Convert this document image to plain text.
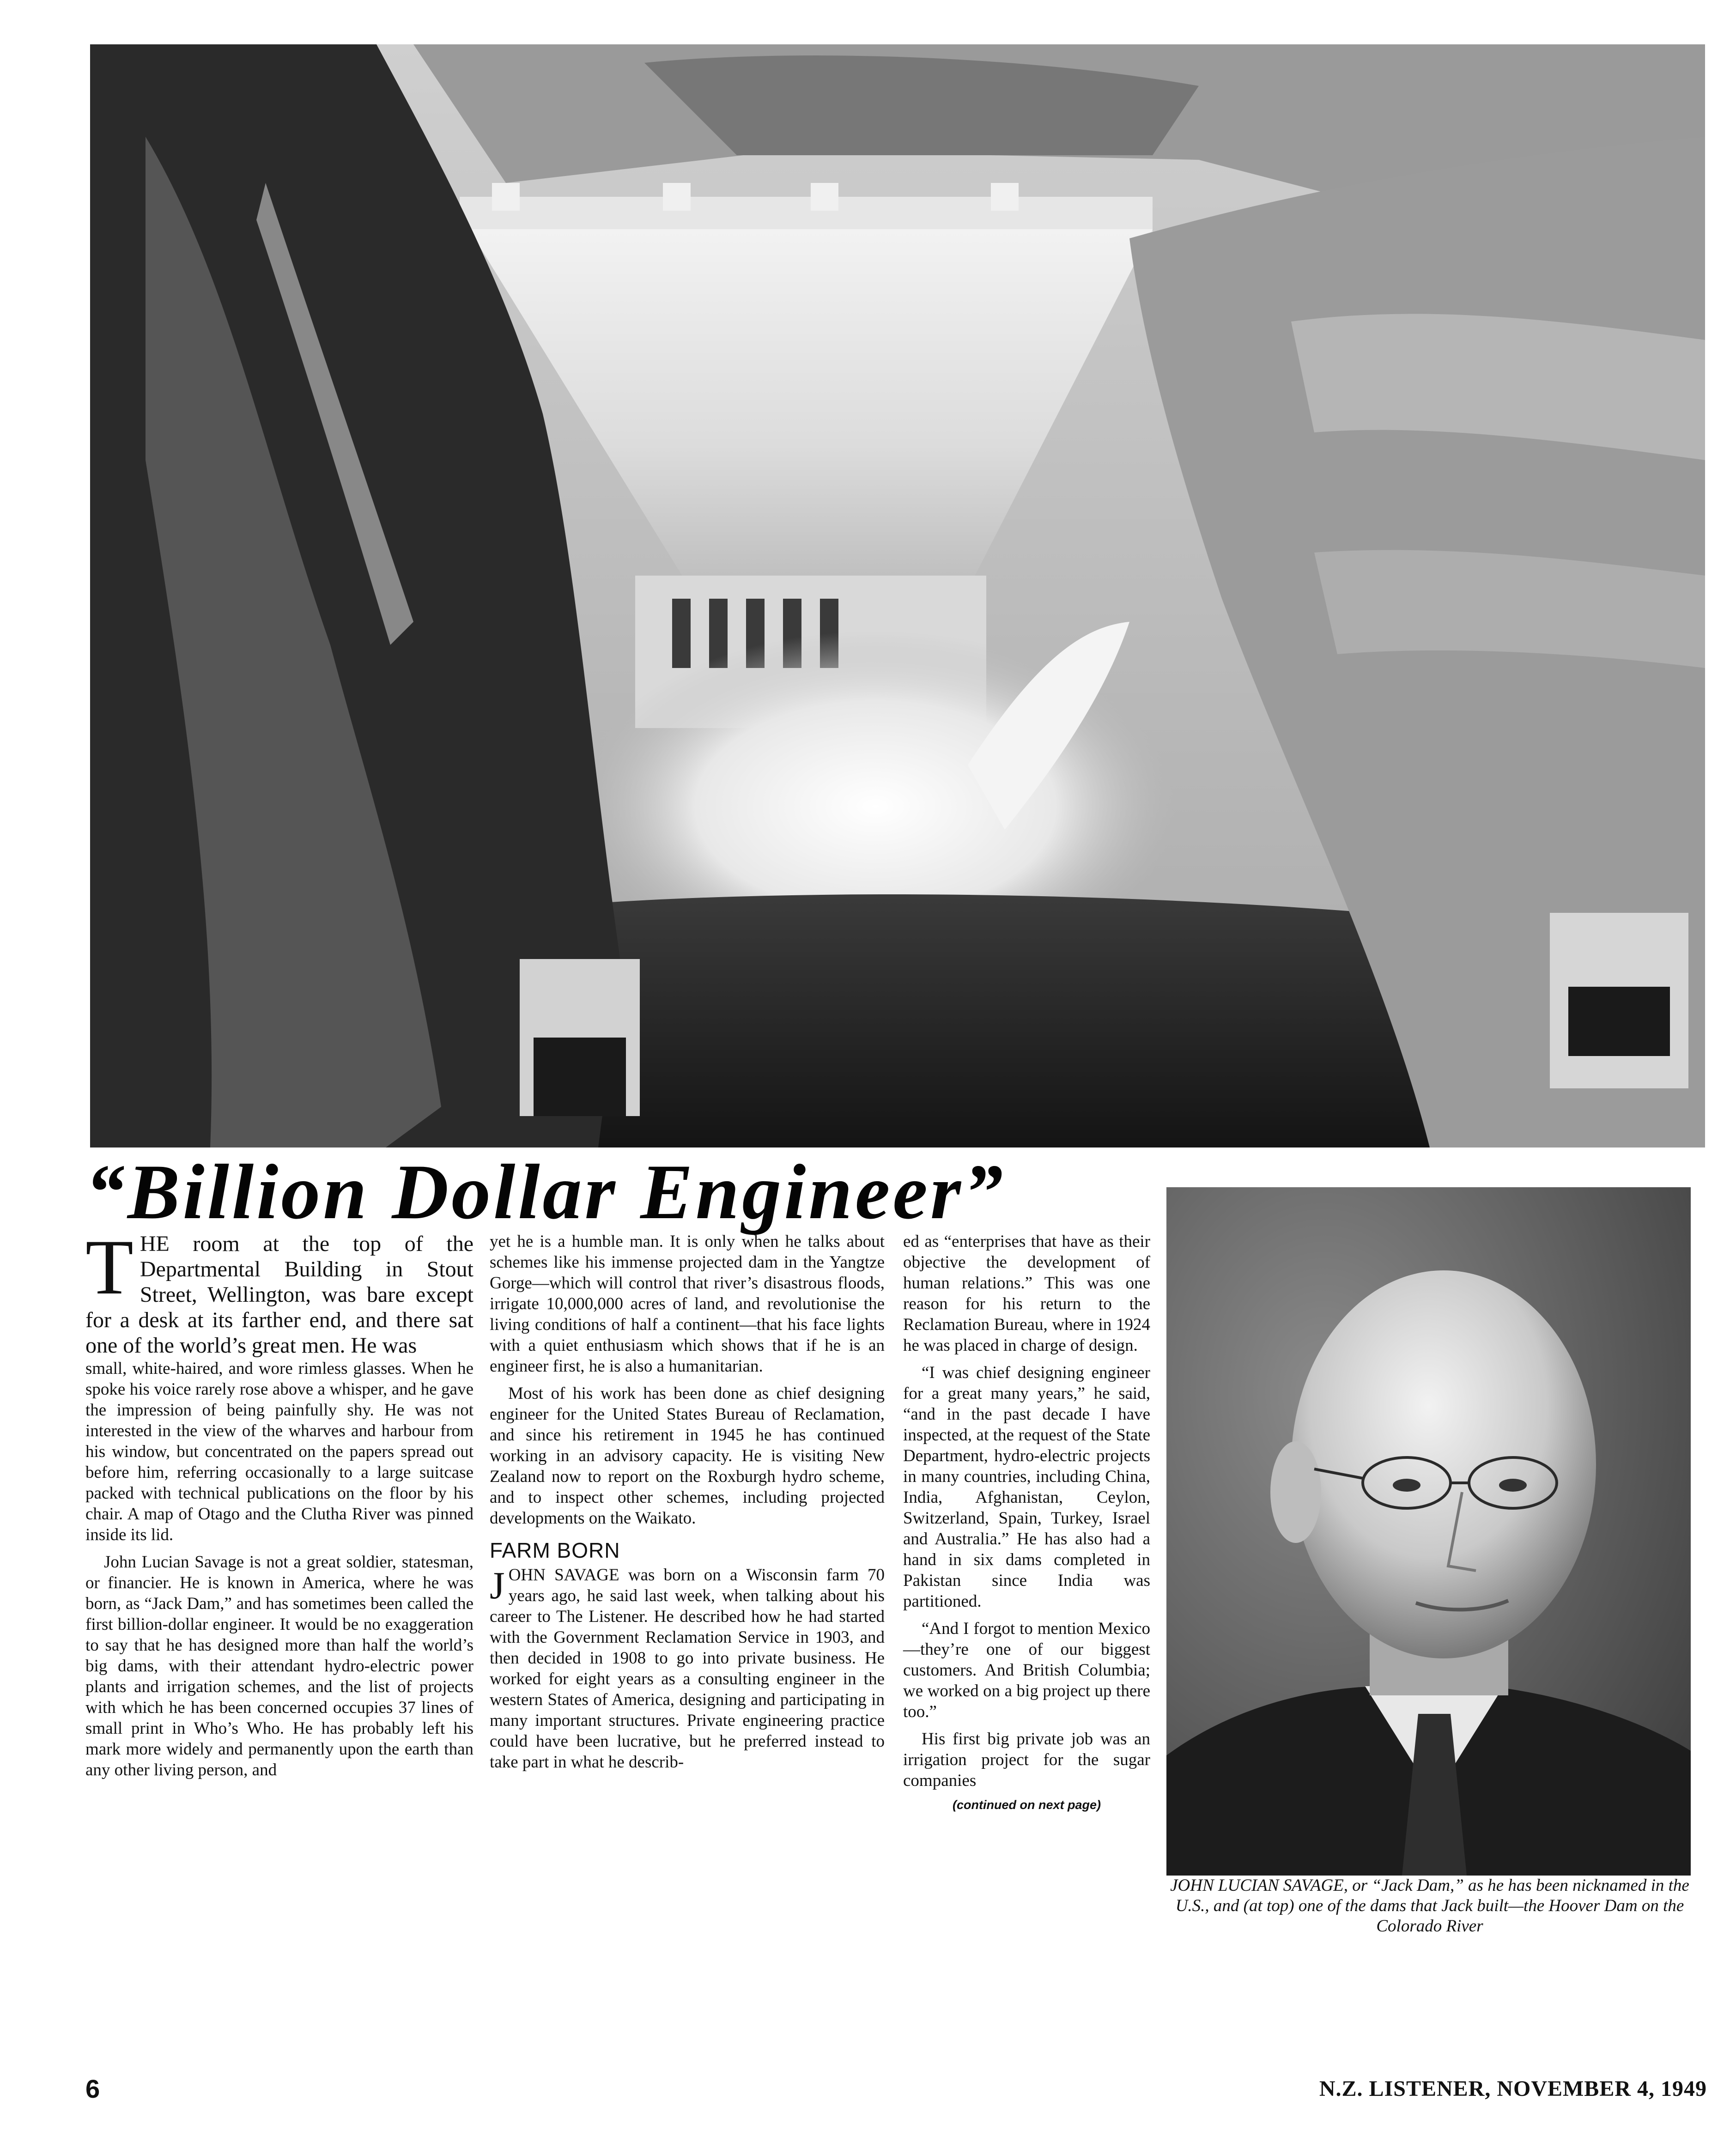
“Billion Dollar Engineer”

THE room at the top of the Departmental Building in Stout Street, Wellington, was bare except for a desk at its farther end, and there sat one of the world’s great men. He was

small, white-haired, and wore rimless glasses. When he spoke his voice rarely rose above a whisper, and he gave the impression of being painfully shy. He was not interested in the view of the wharves and harbour from his window, but concentrated on the papers spread out before him, referring occasionally to a large suitcase packed with technical publications on the floor by his chair. A map of Otago and the Clutha River was pinned inside its lid.

John Lucian Savage is not a great soldier, statesman, or financier. He is known in America, where he was born, as “Jack Dam,” and has sometimes been called the first billion-dollar engineer. It would be no exaggeration to say that he has designed more than half the world’s big dams, with their attendant hydro-electric power plants and irrigation schemes, and the list of projects with which he has been concerned occupies 37 lines of small print in Who’s Who. He has probably left his mark more widely and permanently upon the earth than any other living person, and

yet he is a humble man. It is only when he talks about schemes like his immense projected dam in the Yangtze Gorge—which will control that river’s disastrous floods, irrigate 10,000,000 acres of land, and revolutionise the living conditions of half a continent—that his face lights with a quiet enthusiasm which shows that if he is an engineer first, he is also a humanitarian.

Most of his work has been done as chief designing engineer for the United States Bureau of Reclamation, and since his retirement in 1945 he has continued working in an advisory capacity. He is visiting New Zealand now to report on the Roxburgh hydro scheme, and to inspect other schemes, including projected developments on the Waikato.

FARM BORN

JOHN SAVAGE was born on a Wisconsin farm 70 years ago, he said last week, when talking about his career to The Listener. He described how he had started with the Government Reclamation Service in 1903, and then decided in 1908 to go into private business. He worked for eight years as a consulting engineer in the western States of America, designing and participating in many important structures. Private engineering practice could have been lucrative, but he preferred instead to take part in what he describ-

ed as “enterprises that have as their objective the development of human relations.” This was one reason for his return to the Reclamation Bureau, where in 1924 he was placed in charge of design.

“I was chief designing engineer for a great many years,” he said, “and in the past decade I have inspected, at the request of the State Department, hydro-electric projects in many countries, including China, India, Afghanistan, Ceylon, Switzerland, Spain, Turkey, Israel and Australia.” He has also had a hand in six dams completed in Pakistan since India was partitioned.

“And I forgot to mention Mexico—they’re one of our biggest customers. And British Columbia; we worked on a big project up there too.”

His first big private job was an irrigation project for the sugar companies

(continued on next page)
JOHN LUCIAN SAVAGE, or “Jack Dam,” as he has been nicknamed in the U.S., and (at top) one of the dams that Jack built—the Hoover Dam on the Colorado River
6	N.Z. LISTENER, NOVEMBER 4, 1949
